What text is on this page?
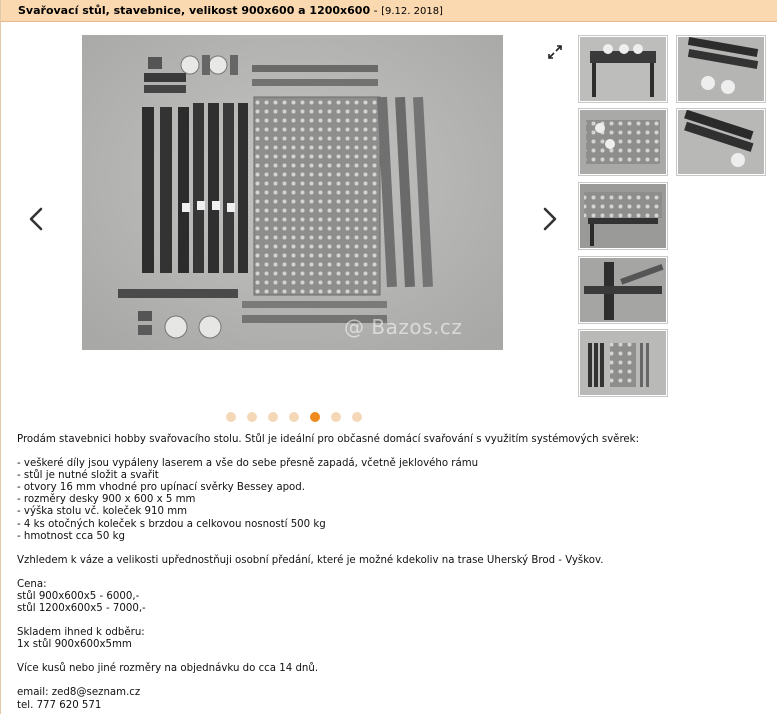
Svařovací stůl, stavebnice, velikost 900x600 a 1200x600 - [9.12. 2018]
@ Bazos.cz

Prodám stavebnici hobby svařovacího stolu. Stůl je ideální pro občasné domácí svařování s využitím systémových svěrek:

- veškeré díly jsou vypáleny laserem a vše do sebe přesně zapadá, včetně jeklového rámu

- stůl je nutné složit a svařit

- otvory 16 mm vhodné pro upínací svěrky Bessey apod.

- rozměry desky 900 x 600 x 5 mm

- výška stolu vč. koleček 910 mm

- 4 ks otočných koleček s brzdou a celkovou nosností 500 kg

- hmotnost cca 50 kg

Vzhledem k váze a velikosti upřednostňuji osobní předání, které je možné kdekoliv na trase Uherský Brod - Vyškov.

Cena:

stůl 900x600x5 - 6000,-

stůl 1200x600x5 - 7000,-

Skladem ihned k odběru:

1x stůl 900x600x5mm

Více kusů nebo jiné rozměry na objednávku do cca 14 dnů.

email: zed8@seznam.cz

tel. 777 620 571
